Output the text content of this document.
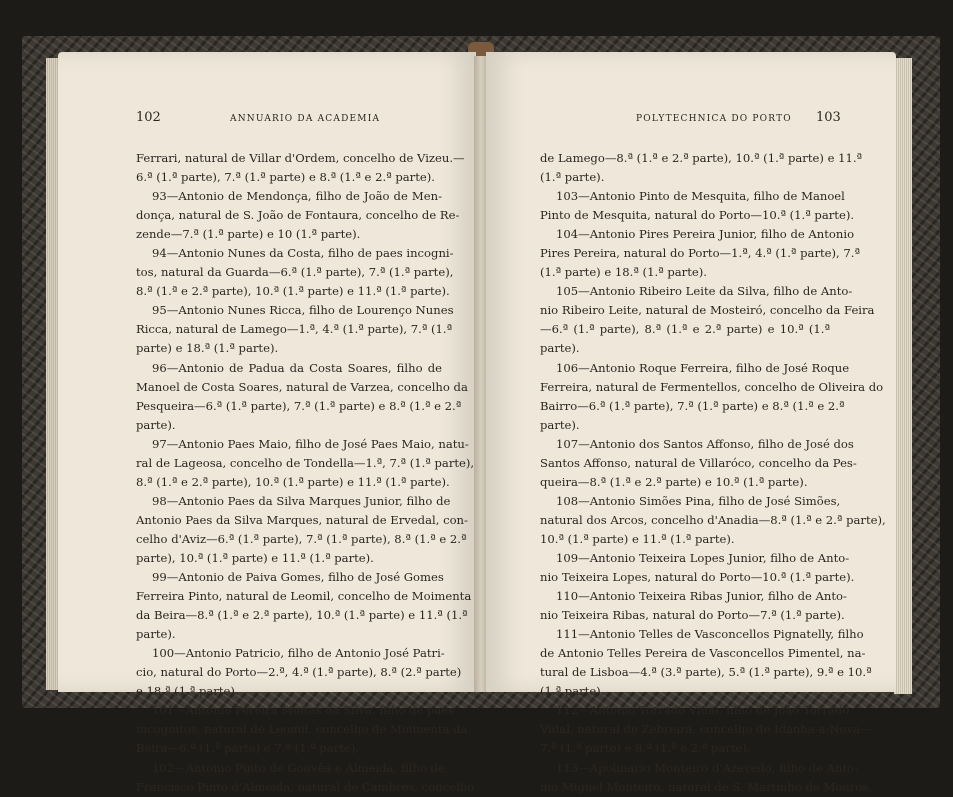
102	ANNUARIO DA ACADEMIA
Ferrari, natural de Villar d'Ordem, concelho de Vizeu.—
6.ª (1.ª parte), 7.ª (1.ª parte) e 8.ª (1.ª e 2.ª parte).
93—Antonio de Mendonça, filho de João de Men-
donça, natural de S. João de Fontaura, concelho de Re-
zende—7.ª (1.ª parte) e 10 (1.ª parte).
94—Antonio Nunes da Costa, filho de paes incogni-
tos, natural da Guarda—6.ª (1.ª parte), 7.ª (1.ª parte),
8.ª (1.ª e 2.ª parte), 10.ª (1.ª parte) e 11.ª (1.ª parte).
95—Antonio Nunes Ricca, filho de Lourenço Nunes
Ricca, natural de Lamego—1.ª, 4.ª (1.ª parte), 7.ª (1.ª
parte) e 18.ª (1.ª parte).
96—Antonio de Padua da Costa Soares, filho de
Manoel de Costa Soares, natural de Varzea, concelho da
Pesqueira—6.ª (1.ª parte), 7.ª (1.ª parte) e 8.ª (1.ª e 2.ª
parte).
97—Antonio Paes Maio, filho de José Paes Maio, natu-
ral de Lageosa, concelho de Tondella—1.ª, 7.ª (1.ª parte),
8.ª (1.ª e 2.ª parte), 10.ª (1.ª parte) e 11.ª (1.ª parte).
98—Antonio Paes da Silva Marques Junior, filho de
Antonio Paes da Silva Marques, natural de Ervedal, con-
celho d'Aviz—6.ª (1.ª parte), 7.ª (1.ª parte), 8.ª (1.ª e 2.ª
parte), 10.ª (1.ª parte) e 11.ª (1.ª parte).
99—Antonio de Paiva Gomes, filho de José Gomes
Ferreira Pinto, natural de Leomil, concelho de Moimenta
da Beira—8.ª (1.ª e 2.ª parte), 10.ª (1.ª parte) e 11.ª (1.ª
parte).
100—Antonio Patricio, filho de Antonio José Patri-
cio, natural do Porto—2.ª, 4.ª (1.ª parte), 8.ª (2.ª parte)
e 18.ª (1.ª parte).
101—Antonio Pereira Moitas da Silva, filho de paes
incognitos, natural de Leomil, concelho de Moimenta da
Beira—6.ª (1.ª parte) e 7.ª (1.ª parte).
102—Antonio Pinto de Gouvêa e Almeida, filho de
Francisco Pinto d'Almeida, natural de Cambres, concelho
POLYTECHNICA DO PORTO 103
de Lamego—8.ª (1.ª e 2.ª parte), 10.ª (1.ª parte) e 11.ª
(1.ª parte).
103—Antonio Pinto de Mesquita, filho de Manoel
Pinto de Mesquita, natural do Porto—10.ª (1.ª parte).
104—Antonio Pires Pereira Junior, filho de Antonio
Pires Pereira, natural do Porto—1.ª, 4.ª (1.ª parte), 7.ª
(1.ª parte) e 18.ª (1.ª parte).
105—Antonio Ribeiro Leite da Silva, filho de Anto-
nio Ribeiro Leite, natural de Mosteiró, concelho da Feira
—6.ª (1.ª parte), 8.ª (1.ª e 2.ª parte) e 10.ª (1.ª
parte).
106—Antonio Roque Ferreira, filho de José Roque
Ferreira, natural de Fermentellos, concelho de Oliveira do
Bairro—6.ª (1.ª parte), 7.ª (1.ª parte) e 8.ª (1.ª e 2.ª
parte).
107—Antonio dos Santos Affonso, filho de José dos
Santos Affonso, natural de Villaróco, concelho da Pes-
queira—8.ª (1.ª e 2.ª parte) e 10.ª (1.ª parte).
108—Antonio Simões Pina, filho de José Simões,
natural dos Arcos, concelho d'Anadia—8.ª (1.ª e 2.ª parte),
10.ª (1.ª parte) e 11.ª (1.ª parte).
109—Antonio Teixeira Lopes Junior, filho de Anto-
nio Teixeira Lopes, natural do Porto—10.ª (1.ª parte).
110—Antonio Teixeira Ribas Junior, filho de Anto-
nio Teixeira Ribas, natural do Porto—7.ª (1.ª parte).
111—Antonio Telles de Vasconcellos Pignatelly, filho
de Antonio Telles Pereira de Vasconcellos Pimentel, na-
tural de Lisboa—4.ª (3.ª parte), 5.ª (1.ª parte), 9.ª e 10.ª
(1.ª parte).
112—Antonio Torrado Vidal, filho de João Torrado
Vidal, natural de Zebreira, concelho de Idanha-a-Nova—
7.ª (1.ª parte) e 8.ª (1.ª e 2.ª parte).
113—Apolinario Monteiro d'Azevedo, filho de Anto-
nio Miguel Monteiro, natural de S. Martinho de Mouros,
